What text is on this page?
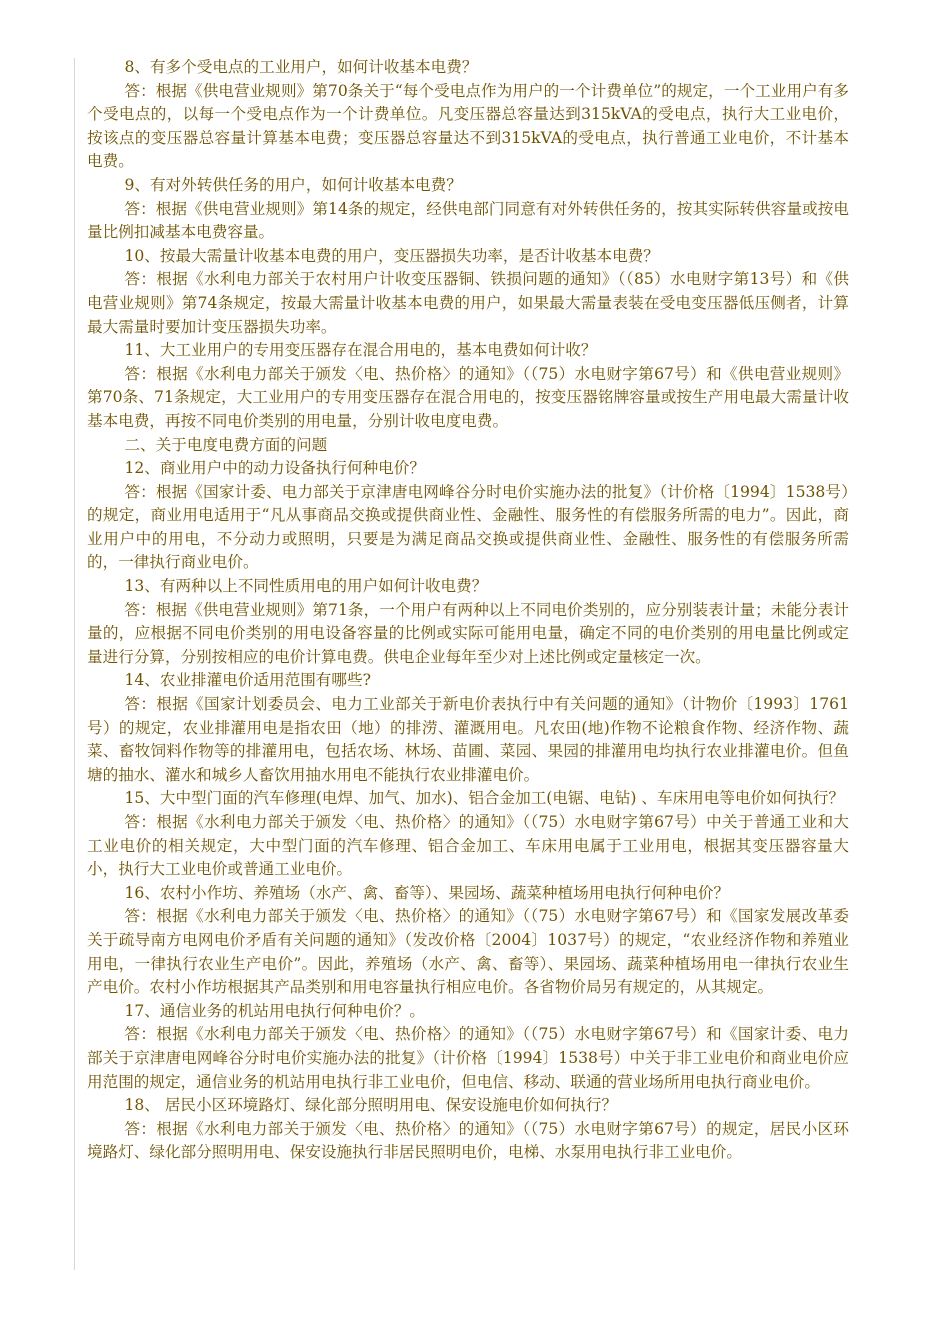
8、有多个受电点的工业用户，如何计收基本电费？

答：根据《供电营业规则》第70条关于“每个受电点作为用户的一个计费单位”的规定，一个工业用户有多个受电点的，以每一个受电点作为一个计费单位。凡变压器总容量达到315kVA的受电点，执行大工业电价，按该点的变压器总容量计算基本电费；变压器总容量达不到315kVA的受电点，执行普通工业电价，不计基本电费。

9、有对外转供任务的用户，如何计收基本电费？

答：根据《供电营业规则》第14条的规定，经供电部门同意有对外转供任务的，按其实际转供容量或按电量比例扣减基本电费容量。

10、按最大需量计收基本电费的用户，变压器损失功率，是否计收基本电费？

答：根据《水利电力部关于农村用户计收变压器铜、铁损问题的通知》（（85）水电财字第13号）和《供电营业规则》第74条规定，按最大需量计收基本电费的用户，如果最大需量表装在受电变压器低压侧者，计算最大需量时要加计变压器损失功率。

11、大工业用户的专用变压器存在混合用电的，基本电费如何计收？

答：根据《水利电力部关于颁发〈电、热价格〉的通知》（（75）水电财字第67号）和《供电营业规则》第70条、71条规定，大工业用户的专用变压器存在混合用电的，按变压器铭牌容量或按生产用电最大需量计收基本电费，再按不同电价类别的用电量，分别计收电度电费。

二、关于电度电费方面的问题

12、商业用户中的动力设备执行何种电价？

答：根据《国家计委、电力部关于京津唐电网峰谷分时电价实施办法的批复》（计价格〔1994〕1538号）的规定，商业用电适用于“凡从事商品交换或提供商业性、金融性、服务性的有偿服务所需的电力”。因此，商业用户中的用电，不分动力或照明，只要是为满足商品交换或提供商业性、金融性、服务性的有偿服务所需的，一律执行商业电价。

13、有两种以上不同性质用电的用户如何计收电费？

答：根据《供电营业规则》第71条，一个用户有两种以上不同电价类别的，应分别装表计量；未能分表计量的，应根据不同电价类别的用电设备容量的比例或实际可能用电量，确定不同的电价类别的用电量比例或定量进行分算，分别按相应的电价计算电费。供电企业每年至少对上述比例或定量核定一次。

14、农业排灌电价适用范围有哪些?

答：根据《国家计划委员会、电力工业部关于新电价表执行中有关问题的通知》（计物价〔1993〕1761号）的规定，农业排灌用电是指农田（地）的排涝、灌溉用电。凡农田(地)作物不论粮食作物、经济作物、蔬菜、畜牧饲料作物等的排灌用电，包括农场、林场、苗圃、菜园、果园的排灌用电均执行农业排灌电价。但鱼塘的抽水、灌水和城乡人畜饮用抽水用电不能执行农业排灌电价。

15、大中型门面的汽车修理(电焊、加气、加水)、铝合金加工(电锯、电钻) 、车床用电等电价如何执行？

答：根据《水利电力部关于颁发〈电、热价格〉的通知》（（75）水电财字第67号）中关于普通工业和大工业电价的相关规定，大中型门面的汽车修理、铝合金加工、车床用电属于工业用电，根据其变压器容量大小，执行大工业电价或普通工业电价。

16、农村小作坊、养殖场（水产、禽、畜等）、果园场、蔬菜种植场用电执行何种电价？

答：根据《水利电力部关于颁发〈电、热价格〉的通知》（（75）水电财字第67号）和《国家发展改革委关于疏导南方电网电价矛盾有关问题的通知》（发改价格〔2004〕1037号）的规定，“农业经济作物和养殖业用电，一律执行农业生产电价”。因此，养殖场（水产、禽、畜等）、果园场、蔬菜种植场用电一律执行农业生产电价。农村小作坊根据其产品类别和用电容量执行相应电价。各省物价局另有规定的，从其规定。

17、通信业务的机站用电执行何种电价？。

答：根据《水利电力部关于颁发〈电、热价格〉的通知》（（75）水电财字第67号）和《国家计委、电力部关于京津唐电网峰谷分时电价实施办法的批复》（计价格〔1994〕1538号）中关于非工业电价和商业电价应用范围的规定，通信业务的机站用电执行非工业电价，但电信、移动、联通的营业场所用电执行商业电价。

18、 居民小区环境路灯、绿化部分照明用电、保安设施电价如何执行？

答：根据《水利电力部关于颁发〈电、热价格〉的通知》（（75）水电财字第67号）的规定，居民小区环境路灯、绿化部分照明用电、保安设施执行非居民照明电价，电梯、水泵用电执行非工业电价。
